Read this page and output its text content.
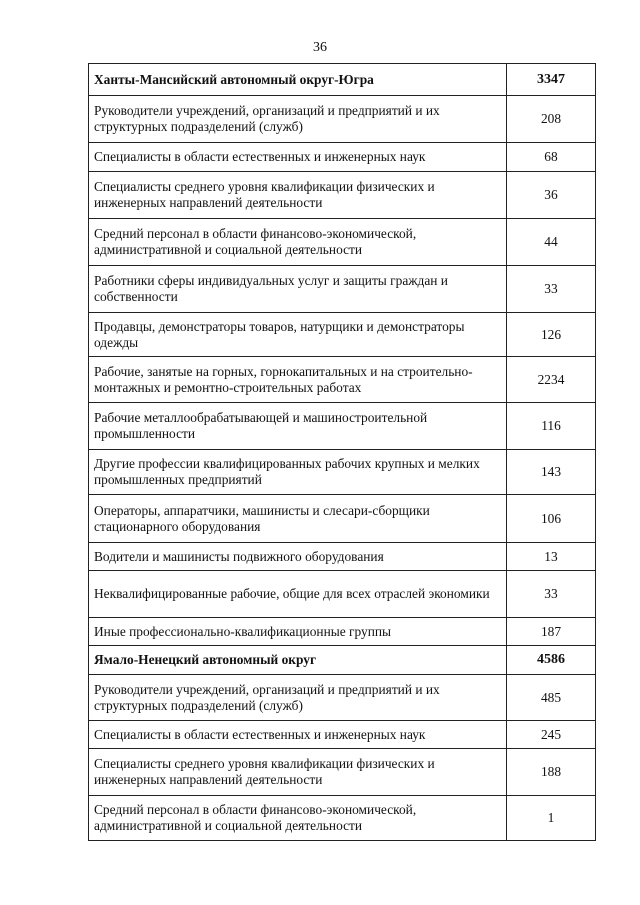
36
Ханты-Мансийский автономный округ-Югра	3347
Руководители учреждений, организаций и предприятий и их структурных подразделений (служб)	208
Специалисты в области естественных и инженерных наук	68
Специалисты среднего уровня квалификации физических и инженерных направлений деятельности	36
Средний персонал в области финансово-экономической, административной и социальной деятельности	44
Работники сферы индивидуальных услуг и защиты граждан и собственности	33
Продавцы, демонстраторы товаров, натурщики и демонстраторы одежды	126
Рабочие, занятые на горных, горнокапитальных и на строительно-монтажных и ремонтно-строительных работах	2234
Рабочие металлообрабатывающей и машиностроительной промышленности	116
Другие профессии квалифицированных рабочих крупных и мелких промышленных предприятий	143
Операторы, аппаратчики, машинисты и слесари-сборщики стационарного оборудования	106
Водители и машинисты подвижного оборудования	13
Неквалифицированные рабочие, общие для всех отраслей экономики	33
Иные профессионально-квалификационные группы	187
Ямало-Ненецкий автономный округ	4586
Руководители учреждений, организаций и предприятий и их структурных подразделений (служб)	485
Специалисты в области естественных и инженерных наук	245
Специалисты среднего уровня квалификации физических и инженерных направлений деятельности	188
Средний персонал в области финансово-экономической, административной и социальной деятельности	1
